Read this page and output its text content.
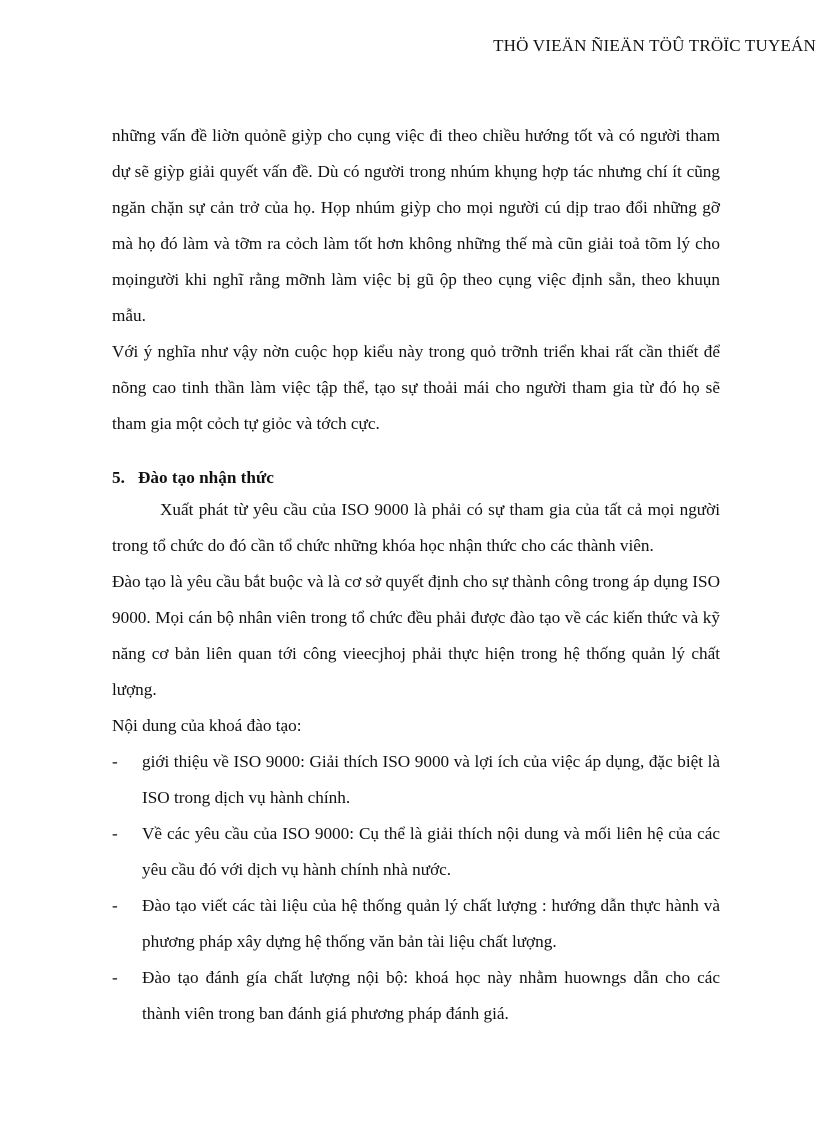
THÖ VIEÄN ÑIEÄN TÖÛ TRÖÏC TUYEÁN

những vấn đề liờn quỏnẽ giỳp cho cụng việc đi theo chiều hướng tốt và có người tham dự sẽ giỳp giải quyết vấn đề. Dù có người trong nhúm khụng hợp tác nhưng chí ít cũng ngăn chặn sự cản trở của họ. Họp nhúm giỳp cho mọi người cú dịp trao đổi những gỡ mà họ đó làm và tỡm ra cỏch làm tốt hơn không những thế mà cũn giải toả tõm lý cho mọingười khi nghĩ rằng mỡnh làm việc bị gũ ộp theo cụng việc định sẵn, theo khuụn mẫu.

Với ý nghĩa như vậy nờn cuộc họp kiểu này trong quỏ trỡnh triển khai rất cần thiết để nõng cao tinh thần làm việc tập thể, tạo sự thoải mái cho người tham gia từ đó họ sẽ tham gia một cỏch tự giỏc và tớch cực.

5. Đào tạo nhận thức

Xuất phát từ yêu cầu của ISO 9000 là phải có sự tham gia của tất cả mọi người trong tổ chức do đó cần tổ chức những khóa học nhận thức cho các thành viên.

Đào tạo là yêu cầu bắt buộc và là cơ sở quyết định cho sự thành công trong áp dụng ISO 9000. Mọi cán bộ nhân viên trong tổ chức đều phải được đào tạo về các kiến thức và kỹ năng cơ bản liên quan tới công vieecjhoj phải thực hiện trong hệ thống quản lý chất lượng.

Nội dung của khoá đào tạo:

- giới thiệu về ISO 9000: Giải thích ISO 9000 và lợi ích của việc áp dụng, đặc biệt là ISO trong dịch vụ hành chính.
- Về các yêu cầu của ISO 9000: Cụ thể là giải thích nội dung và mối liên hệ của các yêu cầu đó với dịch vụ hành chính nhà nước.
- Đào tạo viết các tài liệu của hệ thống quản lý chất lượng : hướng dẫn thực hành và phương pháp xây dựng hệ thống văn bản tài liệu chất lượng.
- Đào tạo đánh gía chất lượng nội bộ: khoá học này nhằm huowngs dẫn cho các thành viên trong ban đánh giá phương pháp đánh giá.
